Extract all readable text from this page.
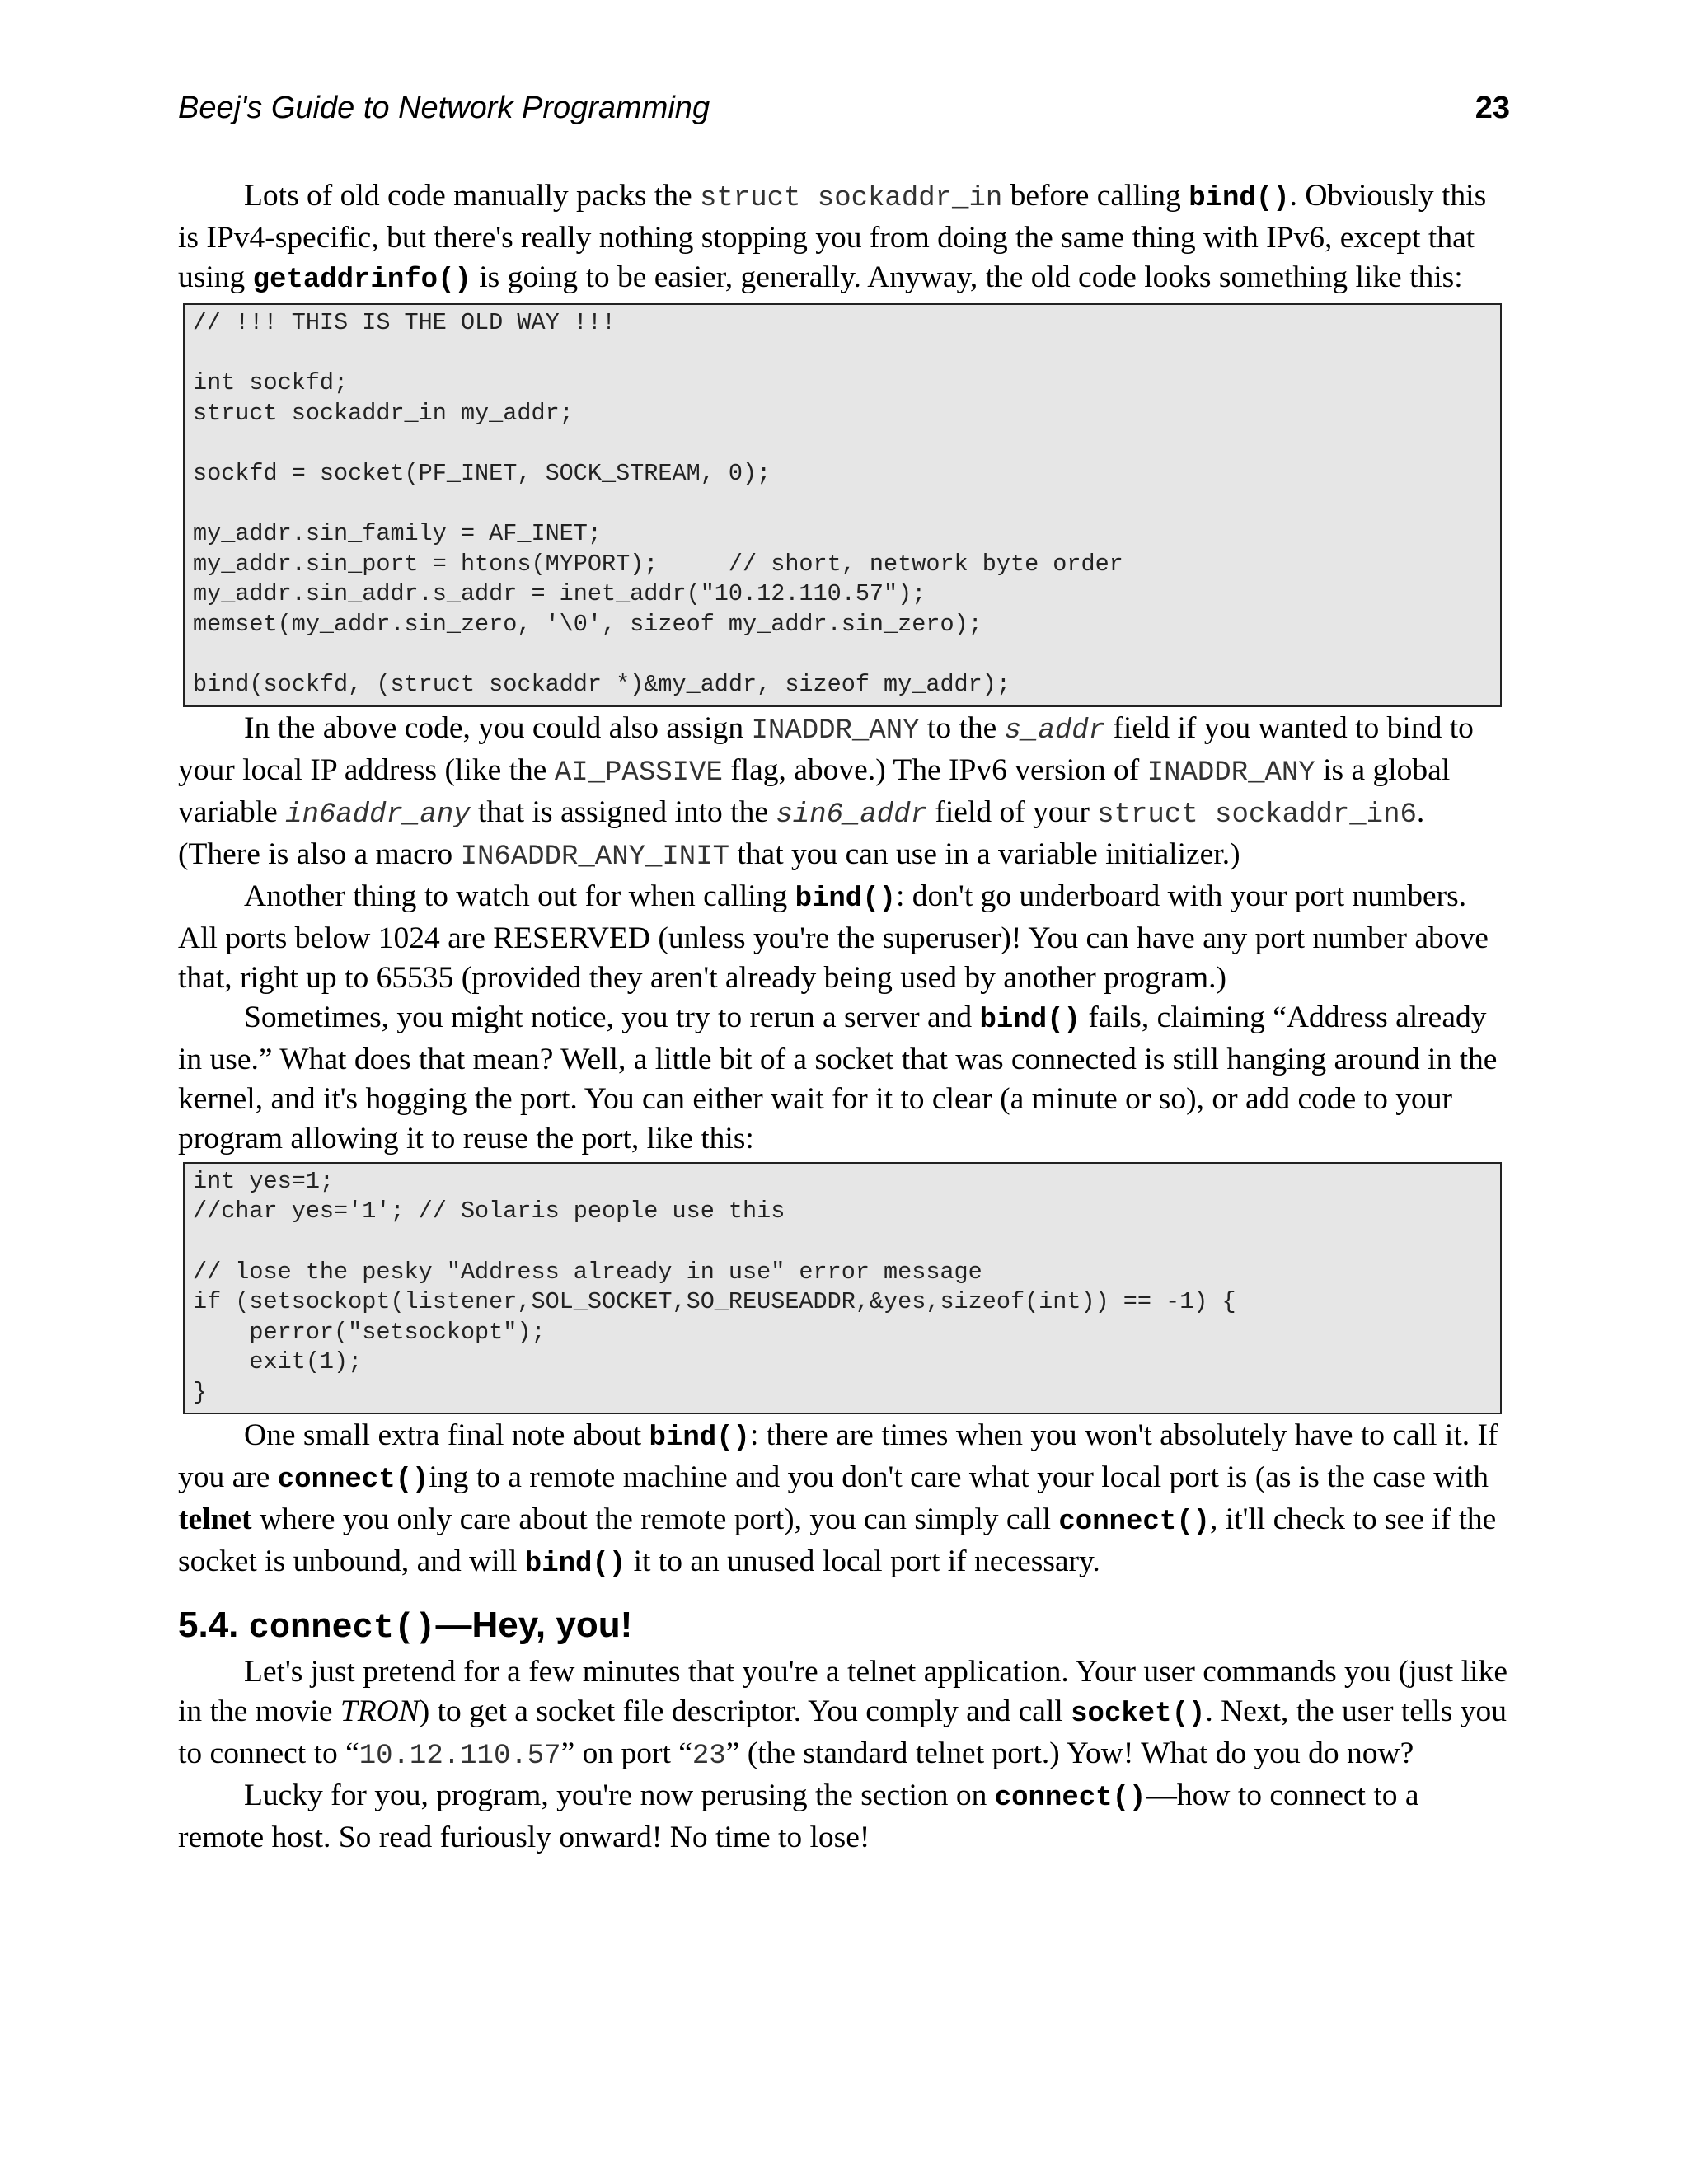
Beej's Guide to Network Programming	23

Lots of old code manually packs the struct sockaddr_in before calling bind(). Obviously this is IPv4-specific, but there's really nothing stopping you from doing the same thing with IPv6, except that using getaddrinfo() is going to be easier, generally. Anyway, the old code looks something like this:

// !!! THIS IS THE OLD WAY !!!
int sockfd;
struct sockaddr_in my_addr;
sockfd = socket(PF_INET, SOCK_STREAM, 0);
my_addr.sin_family = AF_INET;
my_addr.sin_port = htons(MYPORT);     // short, network byte order
my_addr.sin_addr.s_addr = inet_addr("10.12.110.57");
memset(my_addr.sin_zero, '\0', sizeof my_addr.sin_zero);
bind(sockfd, (struct sockaddr *)&my_addr, sizeof my_addr);

In the above code, you could also assign INADDR_ANY to the s_addr field if you wanted to bind to your local IP address (like the AI_PASSIVE flag, above.) The IPv6 version of INADDR_ANY is a global variable in6addr_any that is assigned into the sin6_addr field of your struct sockaddr_in6. (There is also a macro IN6ADDR_ANY_INIT that you can use in a variable initializer.)

Another thing to watch out for when calling bind(): don't go underboard with your port numbers. All ports below 1024 are RESERVED (unless you're the superuser)! You can have any port number above that, right up to 65535 (provided they aren't already being used by another program.)

Sometimes, you might notice, you try to rerun a server and bind() fails, claiming “Address already in use.” What does that mean? Well, a little bit of a socket that was connected is still hanging around in the kernel, and it's hogging the port. You can either wait for it to clear (a minute or so), or add code to your program allowing it to reuse the port, like this:

int yes=1;
//char yes='1'; // Solaris people use this
// lose the pesky "Address already in use" error message
if (setsockopt(listener,SOL_SOCKET,SO_REUSEADDR,&yes,sizeof(int)) == -1) {
perror("setsockopt");
exit(1);
}

One small extra final note about bind(): there are times when you won't absolutely have to call it. If you are connect()ing to a remote machine and you don't care what your local port is (as is the case with telnet where you only care about the remote port), you can simply call connect(), it'll check to see if the socket is unbound, and will bind() it to an unused local port if necessary.

5.4. connect()—Hey, you!

Let's just pretend for a few minutes that you're a telnet application. Your user commands you (just like in the movie TRON) to get a socket file descriptor. You comply and call socket(). Next, the user tells you to connect to “10.12.110.57” on port “23” (the standard telnet port.) Yow! What do you do now?

Lucky for you, program, you're now perusing the section on connect()—how to connect to a remote host. So read furiously onward! No time to lose!
